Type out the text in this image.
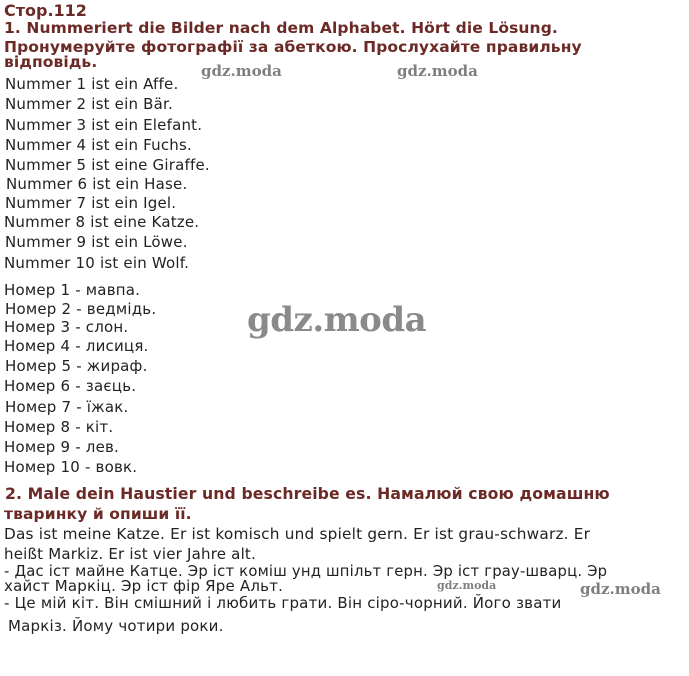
Стор.112
1. Nummeriert die Bilder nach dem Alphabet. Hört die Lösung.
Пронумеруйте фотографії за абеткою. Прослухайте правильну
відповідь.
Nummer 1 ist ein Affe.
Nummer 2 ist ein Bär.
Nummer 3 ist ein Elefant.
Nummer 4 ist ein Fuchs.
Nummer 5 ist eine Giraffe.
Nummer 6 ist ein Hase.
Nummer 7 ist ein Igel.
Nummer 8 ist eine Katze.
Nummer 9 ist ein Löwe.
Nummer 10 ist ein Wolf.
Номер 1 - мавпа.
Номер 2 - ведмідь.
Номер 3 - слон.
Номер 4 - лисиця.
Номер 5 - жираф.
Номер 6 - заєць.
Номер 7 - їжак.
Номер 8 - кіт.
Номер 9 - лев.
Номер 10 - вовк.
2. Male dein Haustier und beschreibe es. Намалюй свою домашню
тваринку й опиши її.
Das ist meine Katze. Er ist komisch und spielt gern. Er ist grau-schwarz. Er
heißt Markiz. Er ist vier Jahre alt.
- Дас іст майне Катце. Эр іст коміш унд шпільт герн. Эр іст грау-шварц. Эр
хайст Маркіц. Эр іст фір Яре Альт.
- Це мій кіт. Він смішний і любить грати. Він сіро-чорний. Його звати
Маркіз. Йому чотири роки.
gdz.moda	gdz.moda
gdz.moda
gdz.moda	gdz.moda
